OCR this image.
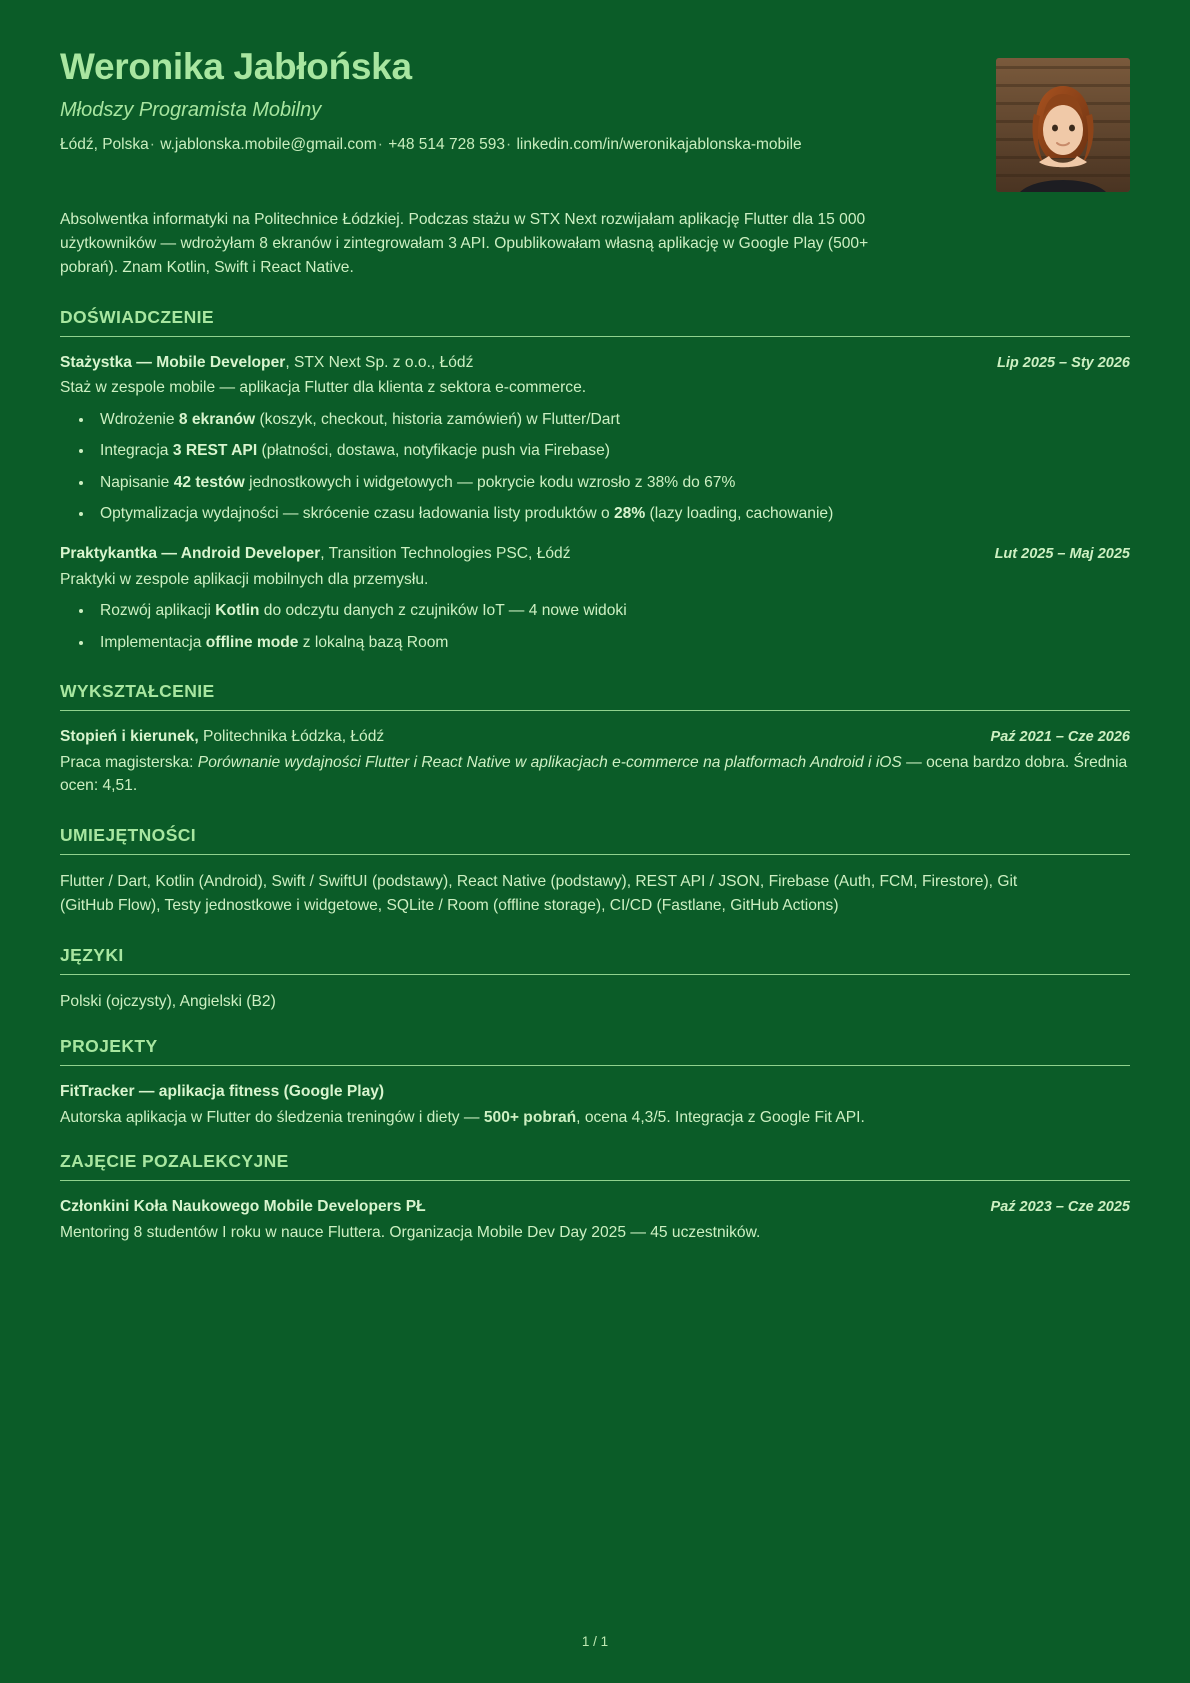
Weronika Jabłońska
Młodszy Programista Mobilny
Łódź, Polska· w.jablonska.mobile@gmail.com· +48 514 728 593· linkedin.com/in/weronikajablonska-mobile
Absolwentka informatyki na Politechnice Łódzkiej. Podczas stażu w STX Next rozwijałam aplikację Flutter dla 15 000 użytkowników — wdrożyłam 8 ekranów i zintegrowałam 3 API. Opublikowałam własną aplikację w Google Play (500+ pobrań). Znam Kotlin, Swift i React Native.
DOŚWIADCZENIE
Stażystka — Mobile Developer, STX Next Sp. z o.o., Łódź	Lip 2025 – Sty 2026
Staż w zespole mobile — aplikacja Flutter dla klienta z sektora e-commerce.
• Wdrożenie 8 ekranów (koszyk, checkout, historia zamówień) w Flutter/Dart
• Integracja 3 REST API (płatności, dostawa, notyfikacje push via Firebase)
• Napisanie 42 testów jednostkowych i widgetowych — pokrycie kodu wzrosło z 38% do 67%
• Optymalizacja wydajności — skrócenie czasu ładowania listy produktów o 28% (lazy loading, cachowanie)
Praktykantka — Android Developer, Transition Technologies PSC, Łódź	Lut 2025 – Maj 2025
Praktyki w zespole aplikacji mobilnych dla przemysłu.
• Rozwój aplikacji Kotlin do odczytu danych z czujników IoT — 4 nowe widoki
• Implementacja offline mode z lokalną bazą Room
WYKSZTAŁCENIE
Stopień i kierunek, Politechnika Łódzka, Łódź	Paź 2021 – Cze 2026
Praca magisterska: Porównanie wydajności Flutter i React Native w aplikacjach e-commerce na platformach Android i iOS — ocena bardzo dobra. Średnia ocen: 4,51.
UMIEJĘTNOŚCI
Flutter / Dart, Kotlin (Android), Swift / SwiftUI (podstawy), React Native (podstawy), REST API / JSON, Firebase (Auth, FCM, Firestore), Git (GitHub Flow), Testy jednostkowe i widgetowe, SQLite / Room (offline storage), CI/CD (Fastlane, GitHub Actions)
JĘZYKI
Polski (ojczysty), Angielski (B2)
PROJEKTY
FitTracker — aplikacja fitness (Google Play)
Autorska aplikacja w Flutter do śledzenia treningów i diety — 500+ pobrań, ocena 4,3/5. Integracja z Google Fit API.
ZAJĘCIE POZALEKCYJNE
Członkini Koła Naukowego Mobile Developers PŁ	Paź 2023 – Cze 2025
Mentoring 8 studentów I roku w nauce Fluttera. Organizacja Mobile Dev Day 2025 — 45 uczestników.
1 / 1
